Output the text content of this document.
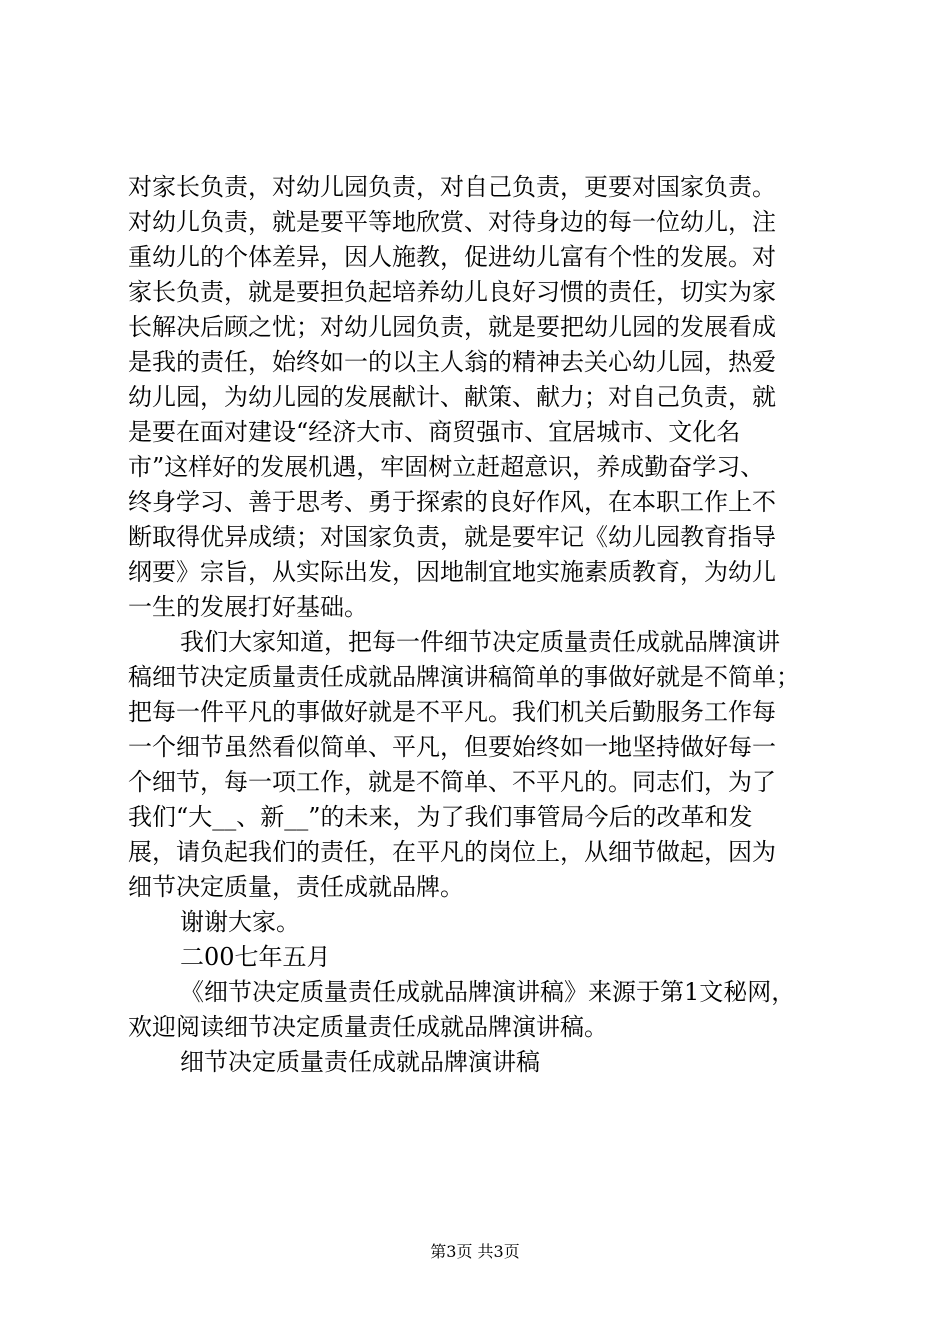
对家长负责，对幼儿园负责，对自己负责，更要对国家负责。
对幼儿负责，就是要平等地欣赏、对待身边的每一位幼儿，注
重幼儿的个体差异，因人施教，促进幼儿富有个性的发展。对
家长负责，就是要担负起培养幼儿良好习惯的责任，切实为家
长解决后顾之忧；对幼儿园负责，就是要把幼儿园的发展看成
是我的责任，始终如一的以主人翁的精神去关心幼儿园，热爱
幼儿园，为幼儿园的发展献计、献策、献力；对自己负责，就
是要在面对建设“经济大市、商贸强市、宜居城市、文化名
市”这样好的发展机遇，牢固树立赶超意识，养成勤奋学习、
终身学习、善于思考、勇于探索的良好作风，在本职工作上不
断取得优异成绩；对国家负责，就是要牢记《幼儿园教育指导
纲要》宗旨，从实际出发，因地制宜地实施素质教育，为幼儿
一生的发展打好基础。
我们大家知道，把每一件细节决定质量责任成就品牌演讲
稿细节决定质量责任成就品牌演讲稿简单的事做好就是不简单；
把每一件平凡的事做好就是不平凡。我们机关后勤服务工作每
一个细节虽然看似简单、平凡，但要始终如一地坚持做好每一
个细节，每一项工作，就是不简单、不平凡的。同志们，为了
我们“大__、新__”的未来，为了我们事管局今后的改革和发
展，请负起我们的责任，在平凡的岗位上，从细节做起，因为
细节决定质量，责任成就品牌。
谢谢大家。
二00七年五月
《细节决定质量责任成就品牌演讲稿》来源于第1文秘网，
欢迎阅读细节决定质量责任成就品牌演讲稿。
细节决定质量责任成就品牌演讲稿
第3页 共3页
